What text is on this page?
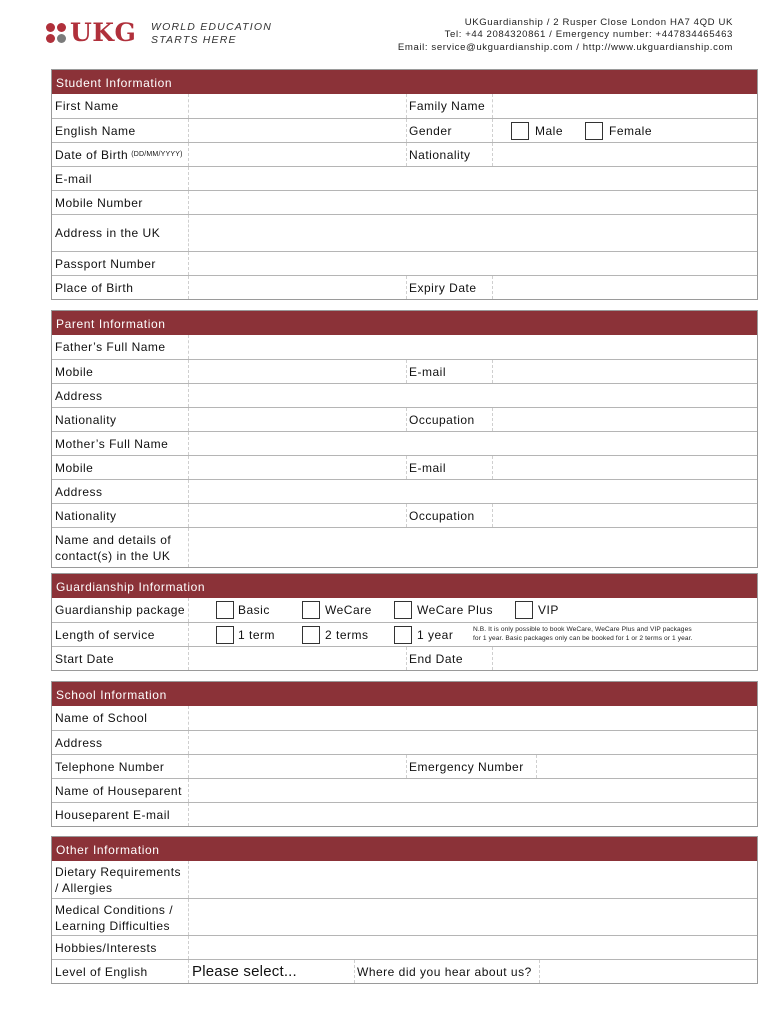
UKG WORLD EDUCATION
STARTS HERE
UKGuardianship / 2 Rusper Close London HA7 4QD UK
Tel: +44 2084320861 / Emergency number: +447834465463
Email: service@ukguardianship.com / http://www.ukguardianship.com
Student Information
First Name	Family Name
English Name	Gender	Male	Female
Date of Birth (DD/MM/YYYY)	Nationality
E-mail
Mobile Number
Address in the UK
Passport Number
Place of Birth	Expiry Date
Parent Information
Father’s Full Name
Mobile	E-mail
Address
Nationality	Occupation
Mother’s Full Name
Mobile	E-mail
Address
Nationality	Occupation
Name and details of
contact(s) in the UK
Guardianship Information
Guardianship package	Basic	WeCare	WeCare Plus	VIP
Length of service	1 term	2 terms	1 year	N.B. It is only possible to book WeCare, WeCare Plus and VIP packages
for 1 year. Basic packages only can be booked for 1 or 2 terms or 1 year.
Start Date	End Date
School Information
Name of School
Address
Telephone Number	Emergency Number
Name of Houseparent
Houseparent E-mail
Other Information
Dietary Requirements
/ Allergies
Medical Conditions /
Learning Difficulties
Hobbies/Interests
Level of English	Please select...	Where did you hear about us?
